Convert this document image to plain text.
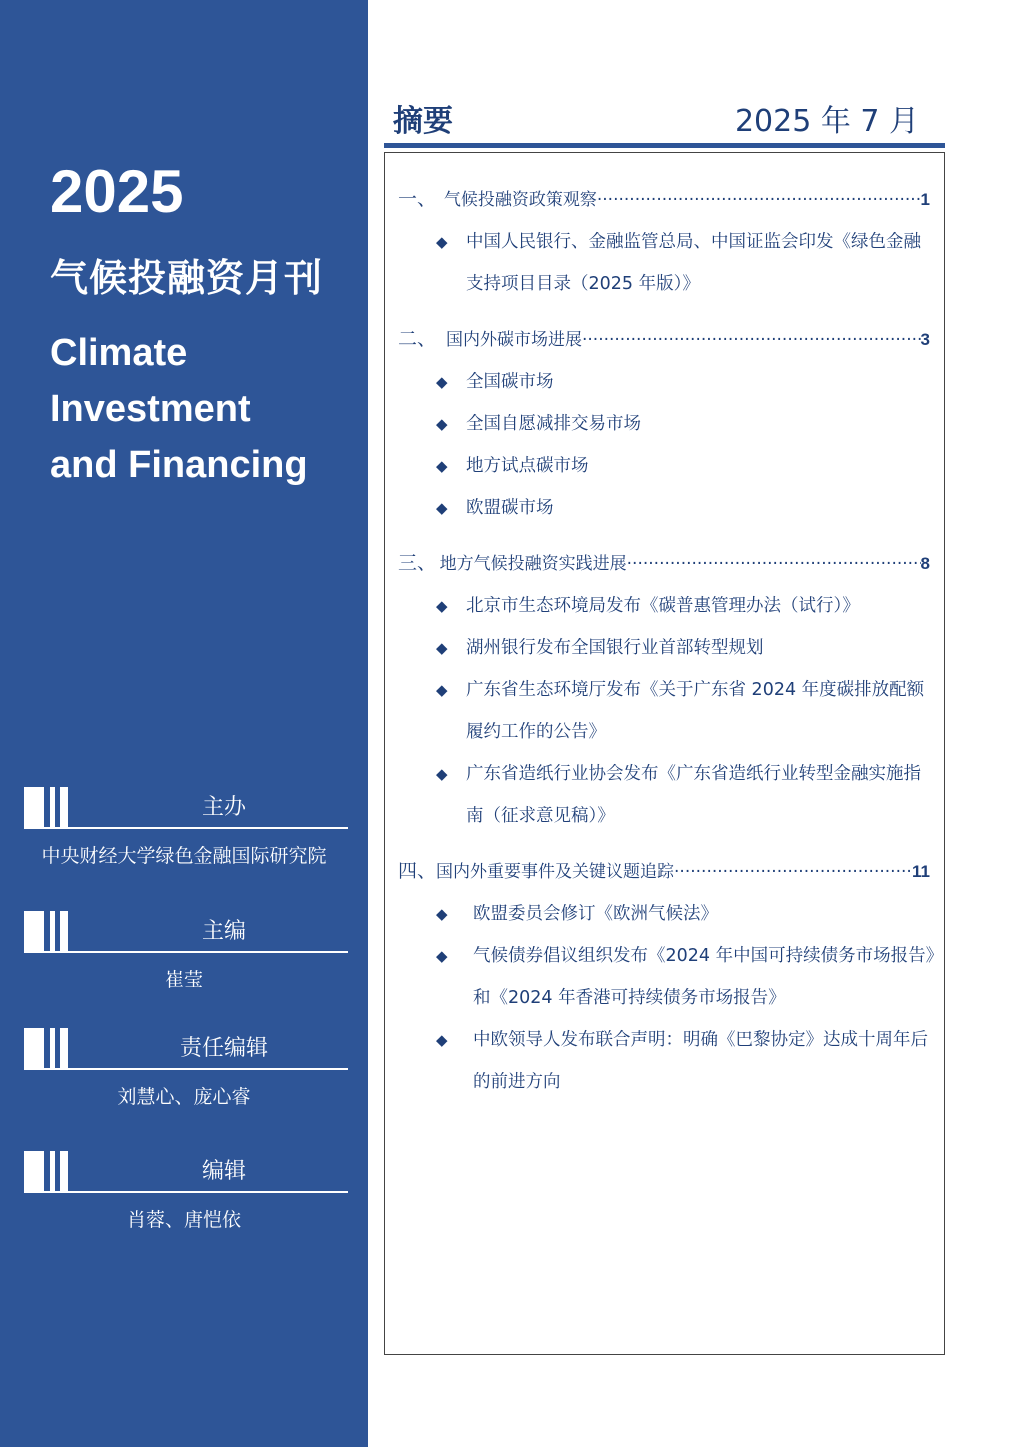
2025
气候投融资月刊
Climate
Investment
and Financing
主办
中央财经大学绿色金融国际研究院
主编
崔莹
责任编辑
刘慧心、庞心睿
编辑
肖蓉、唐恺依
摘要	2025 年 7 月
一、 气候投融资政策观察 ·····	1
◆	中国人民银行、金融监管总局、中国证监会印发《绿色金融支持项目目录（2025 年版）》
二、 国内外碳市场进展 ·····	3
◆	全国碳市场
◆	全国自愿减排交易市场
◆	地方试点碳市场
◆	欧盟碳市场
三、 地方气候投融资实践进展 ·····	8
◆	北京市生态环境局发布《碳普惠管理办法（试行）》
◆	湖州银行发布全国银行业首部转型规划
◆	广东省生态环境厅发布《关于广东省 2024 年度碳排放配额履约工作的公告》
◆	广东省造纸行业协会发布《广东省造纸行业转型金融实施指南（征求意见稿）》
四、 国内外重要事件及关键议题追踪 ·····	11
◆	欧盟委员会修订《欧洲气候法》
◆	气候债券倡议组织发布《2024 年中国可持续债务市场报告》和《2024 年香港可持续债务市场报告》
◆	中欧领导人发布联合声明：明确《巴黎协定》达成十周年后的前进方向
